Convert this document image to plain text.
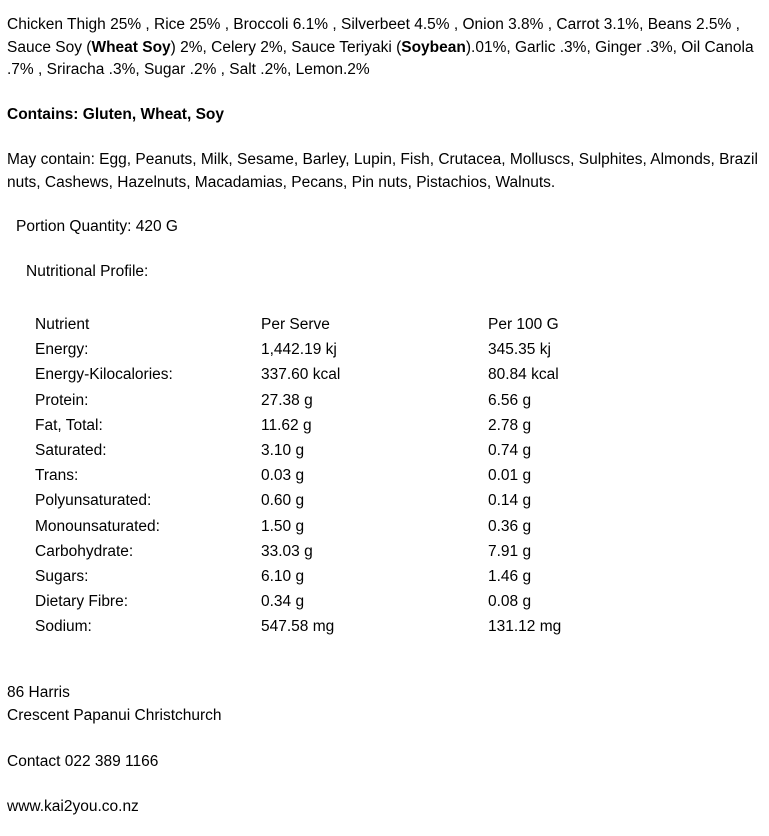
Chicken Thigh 25% , Rice 25% , Broccoli 6.1% , Silverbeet 4.5% , Onion 3.8% , Carrot 3.1%, Beans 2.5% , Sauce Soy (Wheat Soy) 2%, Celery 2%, Sauce Teriyaki (Soybean).01%, Garlic .3%, Ginger .3%, Oil Canola .7% , Sriracha .3%, Sugar .2% , Salt .2%, Lemon.2%

Contains: Gluten, Wheat, Soy

May contain: Egg, Peanuts, Milk, Sesame, Barley, Lupin, Fish, Crutacea, Molluscs, Sulphites, Almonds, Brazil nuts, Cashews, Hazelnuts, Macadamias, Pecans, Pin nuts, Pistachios, Walnuts.

Portion Quantity: 420 G

Nutritional Profile:

Nutrient	Per Serve	Per 100 G
Energy:	1,442.19 kj	345.35 kj
Energy-Kilocalories:	337.60 kcal	80.84 kcal
Protein:	27.38 g	6.56 g
Fat, Total:	11.62 g	2.78 g
Saturated:	3.10 g	0.74 g
Trans:	0.03 g	0.01 g
Polyunsaturated:	0.60 g	0.14 g
Monounsaturated:	1.50 g	0.36 g
Carbohydrate:	33.03 g	7.91 g
Sugars:	6.10 g	1.46 g
Dietary Fibre:	0.34 g	0.08 g
Sodium:	547.58 mg	131.12 mg

86 Harris
Crescent Papanui Christchurch

Contact 022 389 1166

www.kai2you.co.nz
